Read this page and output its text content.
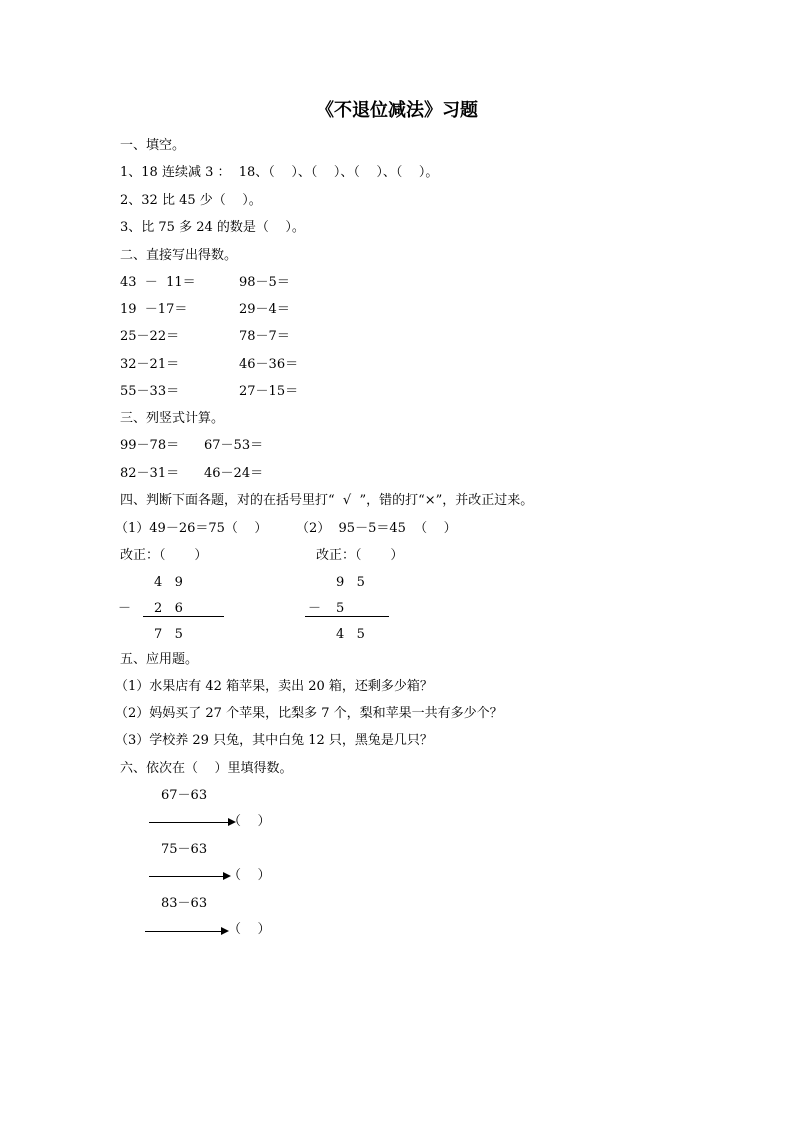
《不退位减法》习题
一、填空。
1、18 连续减 3 ：  18、（    ）、（    ）、（    ）、（    ）。
2、32 比 45 少（    ）。
3、比 75 多 24 的数是（    ）。
二、直接写出得数。
43  －  11＝	98－5＝
19  －17＝	29－4＝
25－22＝	78－7＝
32－21＝	46－36＝
55－33＝	27－15＝
三、列竖式计算。
99－78＝ 67－53＝
82－31＝ 46－24＝
四、判断下面各题，对的在括号里打“  √  ”，错的打“×”，并改正过来。
（1）49－26＝75（    ） （2）  95－5＝45  （    ）
改正：（       ）	改正：（       ）
4   9
－ 2   6
7   5
9   5
－ 5
4   5
五、应用题。
（1）水果店有 42 箱苹果，卖出 20 箱，还剩多少箱？
（2）妈妈买了 27 个苹果，比梨多 7 个，梨和苹果一共有多少个？
（3）学校养 29 只兔，其中白兔 12 只，黑兔是几只？
六、依次在（    ）里填得数。
67－63
（    ）
75－63
（    ）
83－63
（    ）
